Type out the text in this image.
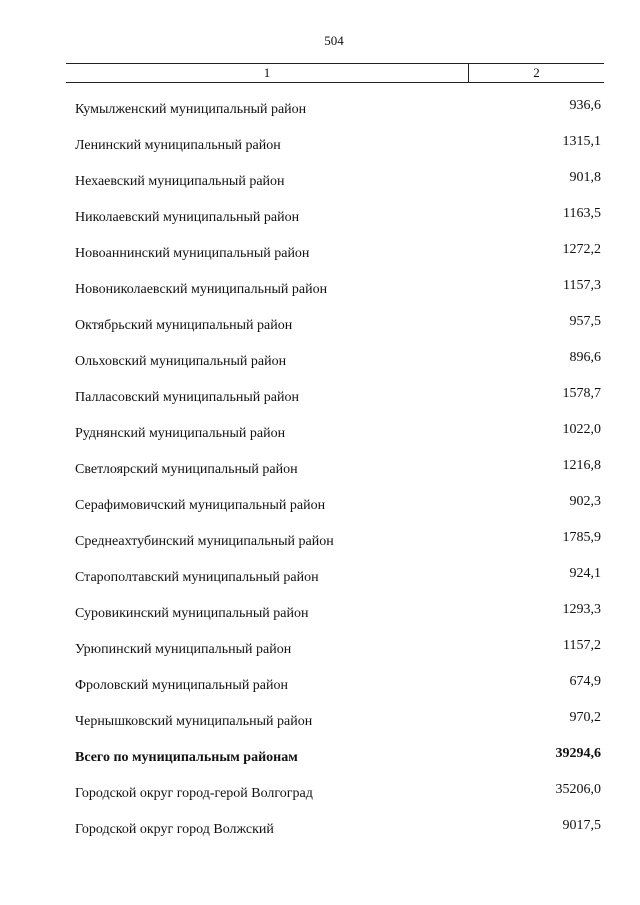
504
1	2
Кумылженский муниципальный район	936,6
Ленинский муниципальный район	1315,1
Нехаевский муниципальный район	901,8
Николаевский муниципальный район	1163,5
Новоаннинский муниципальный район	1272,2
Новониколаевский муниципальный район	1157,3
Октябрьский муниципальный район	957,5
Ольховский муниципальный район	896,6
Палласовский муниципальный район	1578,7
Руднянский муниципальный район	1022,0
Светлоярский муниципальный район	1216,8
Серафимовичский муниципальный район	902,3
Среднеахтубинский муниципальный район	1785,9
Старополтавский муниципальный район	924,1
Суровикинский муниципальный район	1293,3
Урюпинский муниципальный район	1157,2
Фроловский муниципальный район	674,9
Чернышковский муниципальный район	970,2
Всего по муниципальным районам	39294,6
Городской округ город-герой Волгоград	35206,0
Городской округ город Волжский	9017,5
